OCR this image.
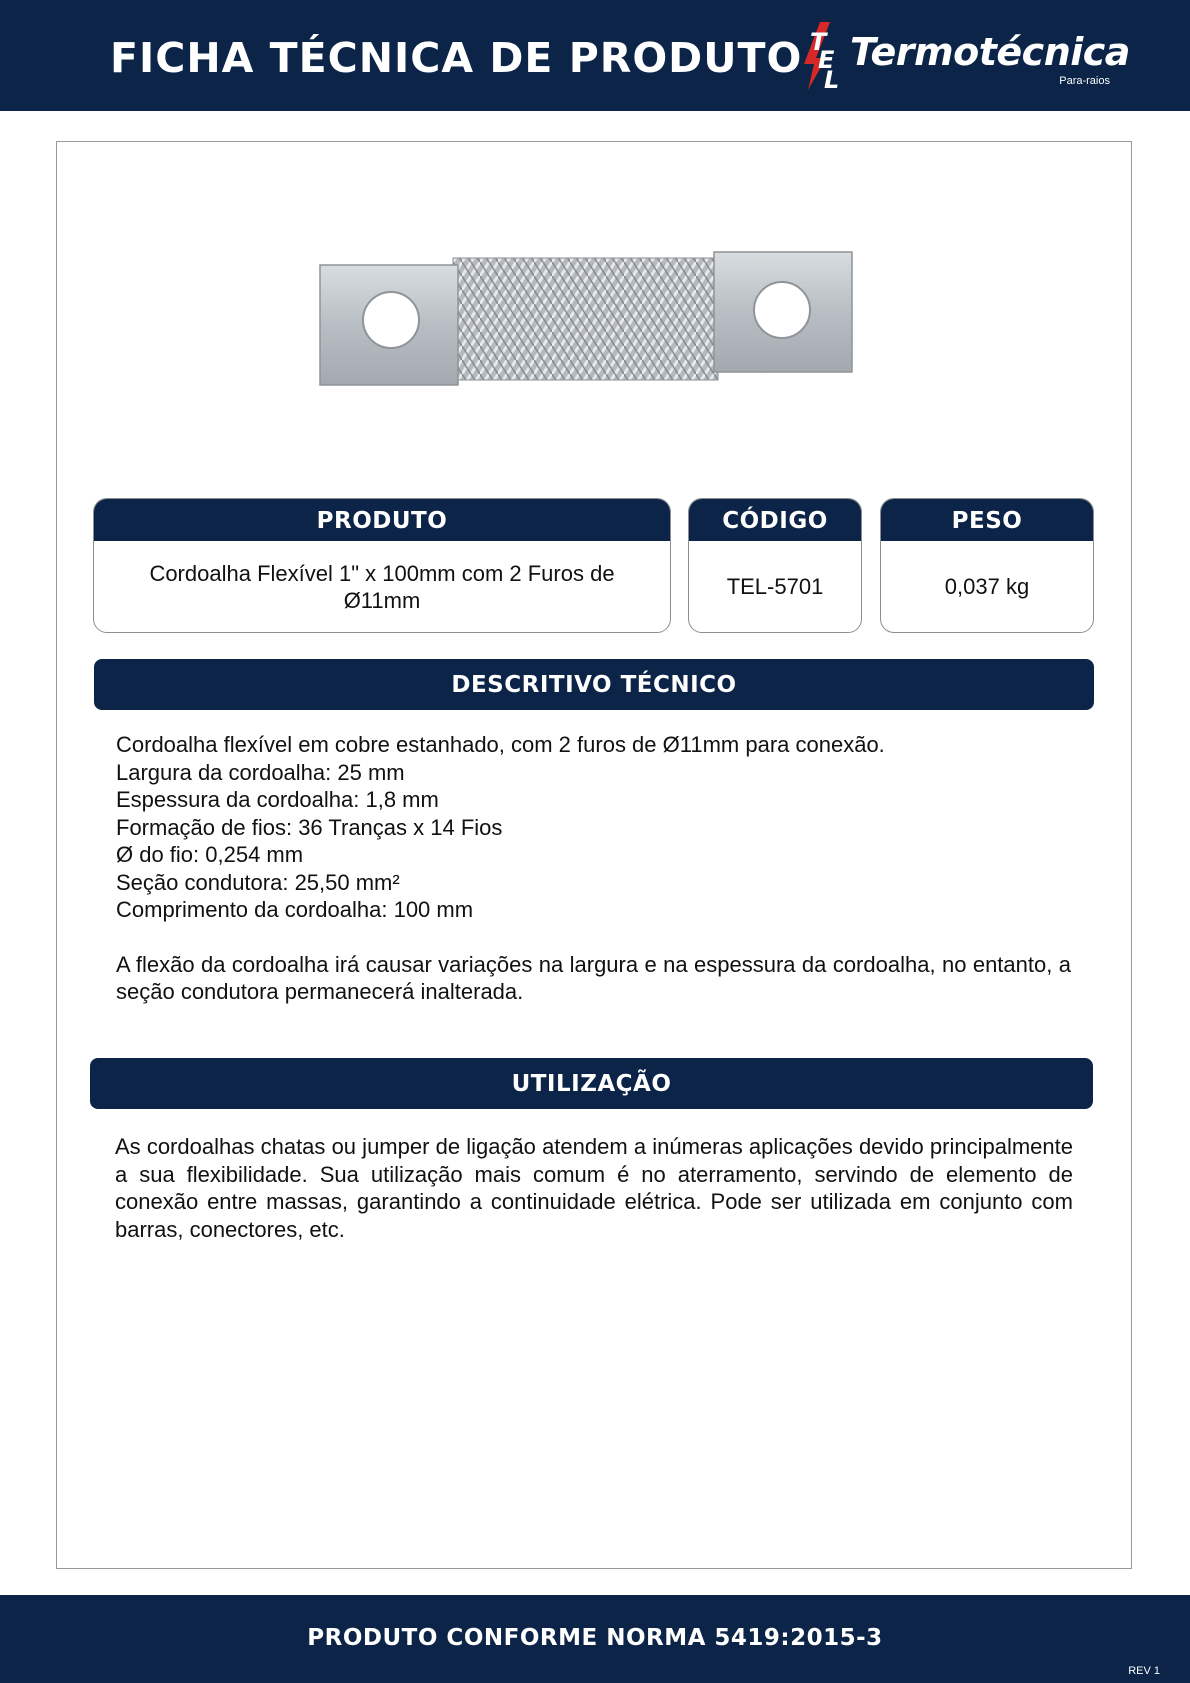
FICHA TÉCNICA DE PRODUTO T
E
L
Termotécnica
Para-raios
PRODUTO
Cordoalha Flexível 1" x 100mm com 2 Furos de Ø11mm
CÓDIGO
TEL-5701
PESO
0,037 kg
DESCRITIVO TÉCNICO

Cordoalha flexível em cobre estanhado, com 2 furos de Ø11mm para conexão.

Largura da cordoalha: 25 mm

Espessura da cordoalha: 1,8 mm

Formação de fios: 36 Tranças x 14 Fios

Ø do fio: 0,254 mm

Seção condutora: 25,50 mm²

Comprimento da cordoalha: 100 mm

A flexão da cordoalha irá causar variações na largura e na espessura da cordoalha, no entanto, a seção condutora permanecerá inalterada.

UTILIZAÇÃO

As cordoalhas chatas ou jumper de ligação atendem a inúmeras aplicações devido principalmente a sua flexibilidade. Sua utilização mais comum é no aterramento, servindo de elemento de conexão entre massas, garantindo a continuidade elétrica. Pode ser utilizada em conjunto com barras, conectores, etc.

PRODUTO CONFORME NORMA 5419:2015-3
REV 1
